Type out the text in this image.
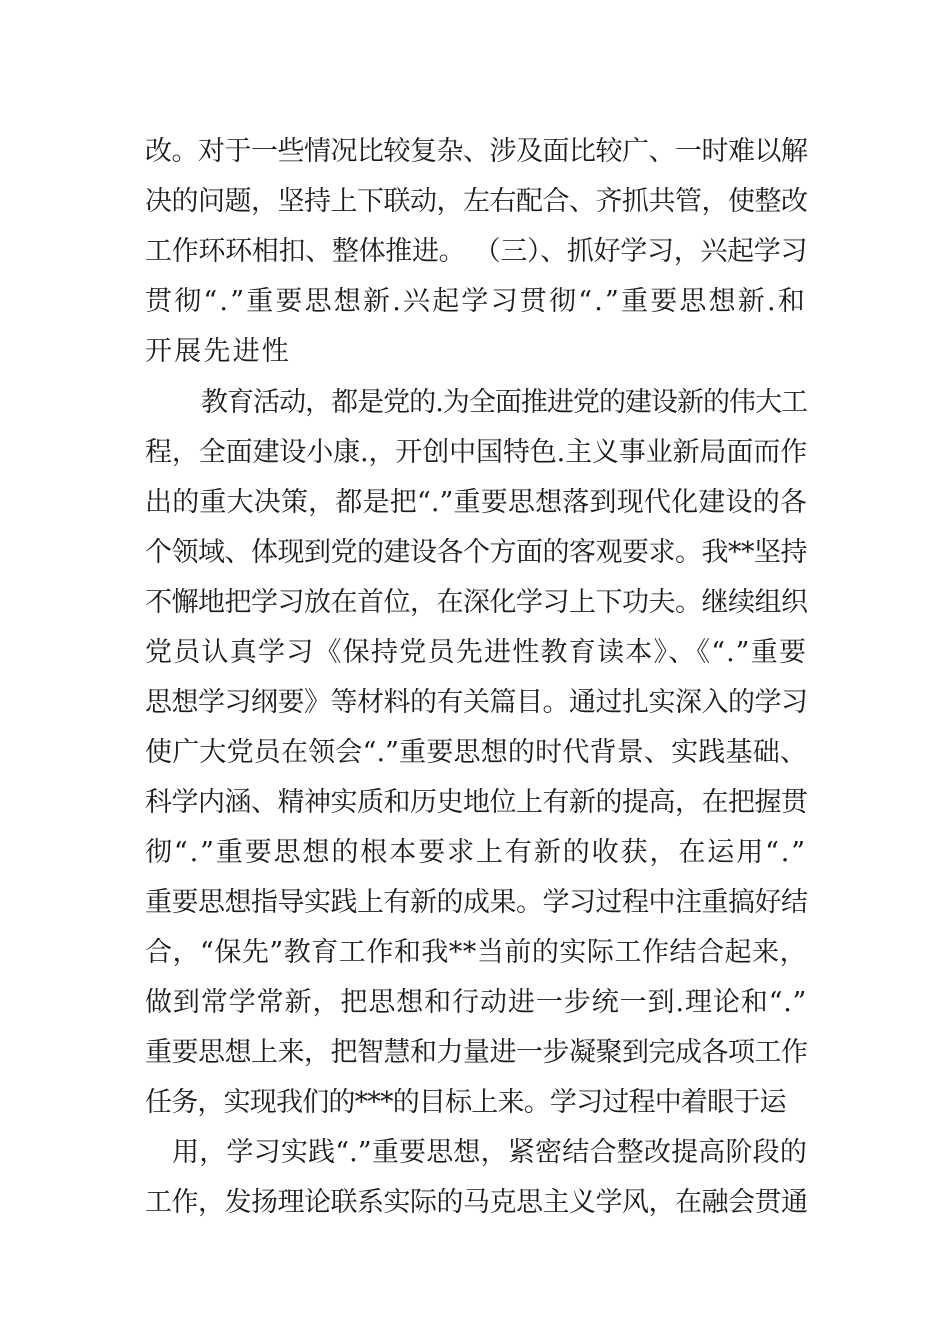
改。对于一些情况比较复杂、涉及面比较广、一时难以解
决的问题，坚持上下联动，左右配合、齐抓共管，使整改
工作环环相扣、整体推进。 （三）、抓好学习，兴起学习
贯彻“.”重要思想新.兴起学习贯彻“.”重要思想新.和
开展先进性
教育活动，都是党的.为全面推进党的建设新的伟大工
程，全面建设小康.，开创中国特色.主义事业新局面而作
出的重大决策，都是把“.”重要思想落到现代化建设的各
个领域、体现到党的建设各个方面的客观要求。我**坚持
不懈地把学习放在首位，在深化学习上下功夫。继续组织
党员认真学习《保持党员先进性教育读本》、《“.”重要
思想学习纲要》等材料的有关篇目。通过扎实深入的学习
使广大党员在领会“.”重要思想的时代背景、实践基础、
科学内涵、精神实质和历史地位上有新的提高，在把握贯
彻“.”重要思想的根本要求上有新的收获，在运用“.”
重要思想指导实践上有新的成果。学习过程中注重搞好结
合，“保先”教育工作和我**当前的实际工作结合起来，
做到常学常新，把思想和行动进一步统一到.理论和“.”
重要思想上来，把智慧和力量进一步凝聚到完成各项工作
任务，实现我们的***的目标上来。学习过程中着眼于运
用，学习实践“.”重要思想，紧密结合整改提高阶段的
工作，发扬理论联系实际的马克思主义学风，在融会贯通
